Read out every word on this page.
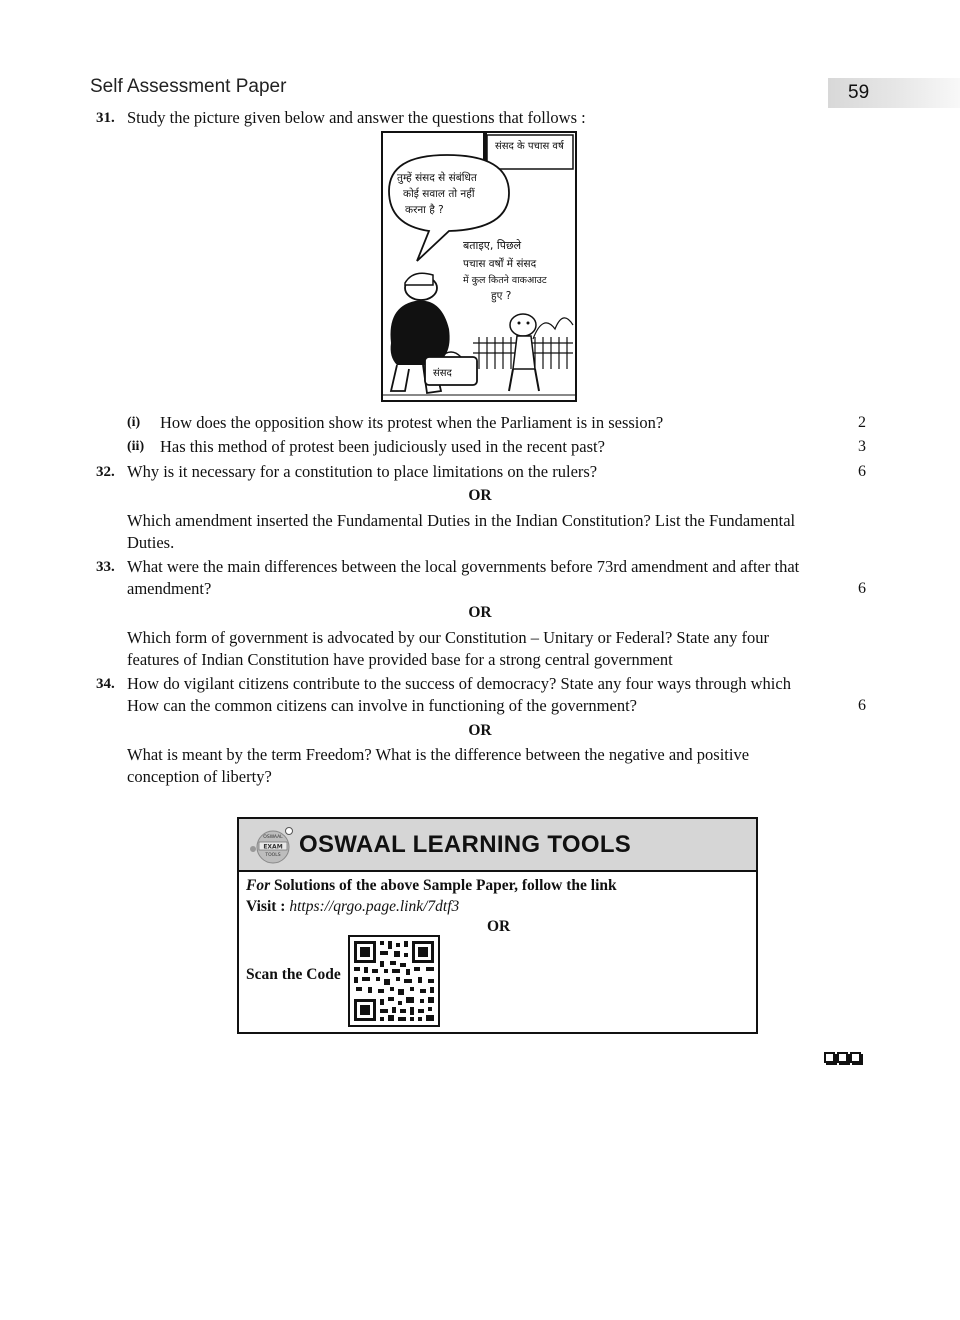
Self Assessment Paper	59
31. Study the picture given below and answer the questions that follows :
संसद के पचास वर्ष
तुम्हें संसद से संबंधित
कोई सवाल तो नहीं
करना है ?
बताइए, पिछले
पचास वर्षों में संसद
में कुल कितने वाकआउट
हुए ?
संसद
(i) How does the opposition show its protest when the Parliament is in session?	2
(ii) Has this method of protest been judiciously used in the recent past?	3
32. Why is it necessary for a constitution to place limitations on the rulers?	6
OR
Which amendment inserted the Fundamental Duties in the Indian Constitution? List the Fundamental
Duties.
33. What were the main differences between the local governments before 73rd amendment and after that
amendment?	6
OR
Which form of government is advocated by our Constitution – Unitary or Federal? State any four
features of Indian Constitution have provided base for a strong central government
34. How do vigilant citizens contribute to the success of democracy? State any four ways through which
How can the common citizens can involve in functioning of the government?	6
OR
What is meant by the term Freedom? What is the difference between the negative and positive
conception of liberty?
OSWAAL
EXAM
TOOLS OSWAAL LEARNING TOOLS
For Solutions of the above Sample Paper, follow the link
Visit : https://qrgo.page.link/7dtf3
OR
Scan the Code
